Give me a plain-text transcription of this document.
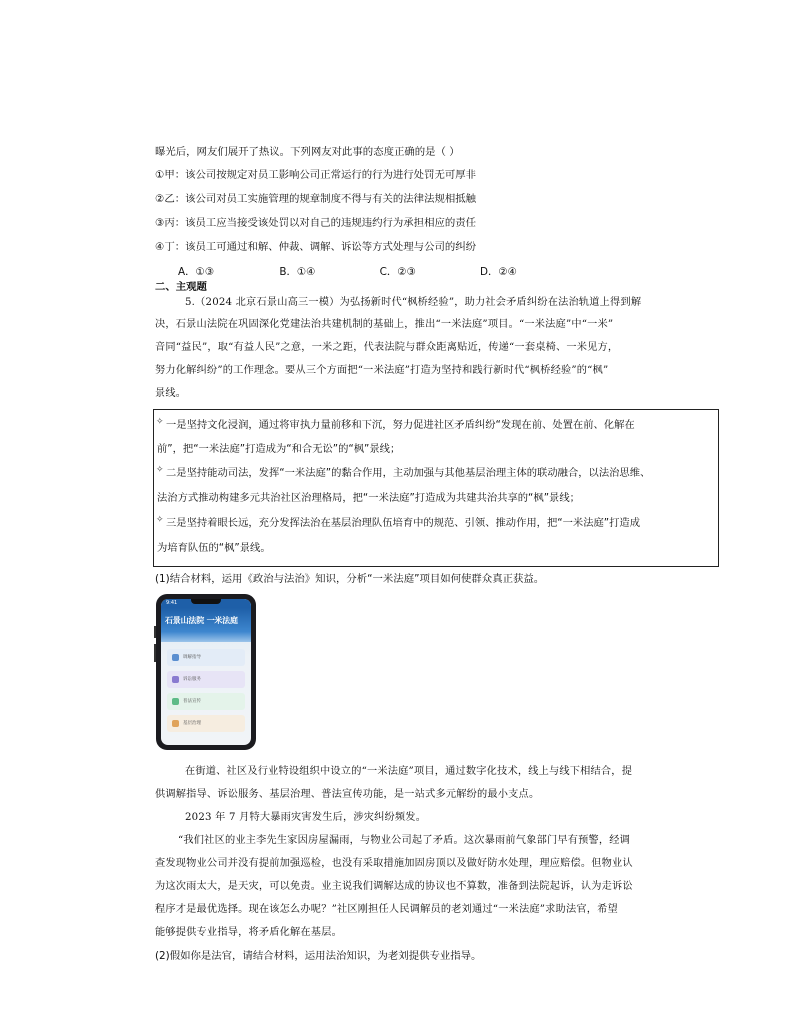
曝光后，网友们展开了热议。下列网友对此事的态度正确的是（ ）
①甲：该公司按规定对员工影响公司正常运行的行为进行处罚无可厚非
②乙：该公司对员工实施管理的规章制度不得与有关的法律法规相抵触
③丙：该员工应当接受该处罚以对自己的违规违约行为承担相应的责任
④丁：该员工可通过和解、仲裁、调解、诉讼等方式处理与公司的纠纷
A．①③	B．①④	C．②③	D．②④
二、主观题
5.（2024 北京石景山高三一模）为弘扬新时代“枫桥经验”，助力社会矛盾纠纷在法治轨道上得到解
决，石景山法院在巩固深化党建法治共建机制的基础上，推出“一米法庭”项目。“一米法庭”中“一米”
音同“益民”，取“有益人民”之意，一米之距，代表法院与群众距离贴近，传递“一套桌椅、一米见方，
努力化解纠纷”的工作理念。要从三个方面把“一米法庭”打造为坚持和践行新时代“枫桥经验”的“枫”
景线。
✧ 一是坚持文化浸润，通过将审执力量前移和下沉，努力促进社区矛盾纠纷“发现在前、处置在前、化解在
前”，把“一米法庭”打造成为“和合无讼”的“枫”景线；
✧ 二是坚持能动司法，发挥“一米法庭”的黏合作用，主动加强与其他基层治理主体的联动融合，以法治思维、
法治方式推动构建多元共治社区治理格局，把“一米法庭”打造成为共建共治共享的“枫”景线；
✧ 三是坚持着眼长远，充分发挥法治在基层治理队伍培育中的规范、引领、推动作用，把“一米法庭”打造成
为培育队伍的“枫”景线。
(1)结合材料，运用《政治与法治》知识，分析“一米法庭”项目如何使群众真正获益。
9:41
石景山法院 一米法庭
调解指导
诉讼服务
普法宣传
基层治理
在街道、社区及行业特设组织中设立的“一米法庭”项目，通过数字化技术，线上与线下相结合，提
供调解指导、诉讼服务、基层治理、普法宣传功能，是一站式多元解纷的最小支点。
2023 年 7 月特大暴雨灾害发生后，涉灾纠纷频发。
“我们社区的业主李先生家因房屋漏雨，与物业公司起了矛盾。这次暴雨前气象部门早有预警，经调
查发现物业公司并没有提前加强巡检，也没有采取措施加固房顶以及做好防水处理，理应赔偿。但物业认
为这次雨太大，是天灾，可以免责。业主说我们调解达成的协议也不算数，准备到法院起诉，认为走诉讼
程序才是最优选择。现在该怎么办呢？”社区刚担任人民调解员的老刘通过“一米法庭”求助法官，希望
能够提供专业指导，将矛盾化解在基层。
(2)假如你是法官，请结合材料，运用法治知识，为老刘提供专业指导。
